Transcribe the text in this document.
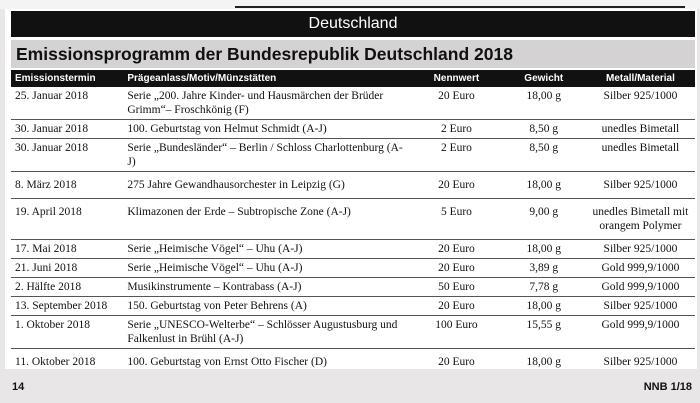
Deutschland
Emissionsprogramm der Bundesrepublik Deutschland 2018
Emissionstermin	Prägeanlass/Motiv/Münzstätten	Nennwert	Gewicht	Metall/Material
25. Januar 2018	Serie „200. Jahre Kinder- und Hausmärchen der Brüder Grimm“– Froschkönig (F)	20 Euro	18,00 g	Silber 925/1000
30. Januar 2018	100. Geburtstag von Helmut Schmidt (A-J)	2 Euro	8,50 g	unedles Bimetall
30. Januar 2018	Serie „Bundesländer“ – Berlin / Schloss Charlottenburg (A-J)	2 Euro	8,50 g	unedles Bimetall
8. März 2018	275 Jahre Gewandhausorchester in Leipzig (G)	20 Euro	18,00 g	Silber 925/1000
19. April 2018	Klimazonen der Erde – Subtropische Zone (A-J)	5 Euro	9,00 g	unedles Bimetall mit orangem Polymer
17. Mai 2018	Serie „Heimische Vögel“ – Uhu (A-J)	20 Euro	18,00 g	Silber 925/1000
21. Juni 2018	Serie „Heimische Vögel“ – Uhu (A-J)	20 Euro	3,89 g	Gold 999,9/1000
2. Hälfte 2018	Musikinstrumente – Kontrabass (A-J)	50 Euro	7,78 g	Gold 999,9/1000
13. September 2018	150. Geburtstag von Peter Behrens (A)	20 Euro	18,00 g	Silber 925/1000
1. Oktober 2018	Serie „UNESCO-Welterbe“ – Schlösser Augustusburg und Falkenlust in Brühl (A-J)	100 Euro	15,55 g	Gold 999,9/1000
11. Oktober 2018	100. Geburtstag von Ernst Otto Fischer (D)	20 Euro	18,00 g	Silber 925/1000
14	NNB 1/18
